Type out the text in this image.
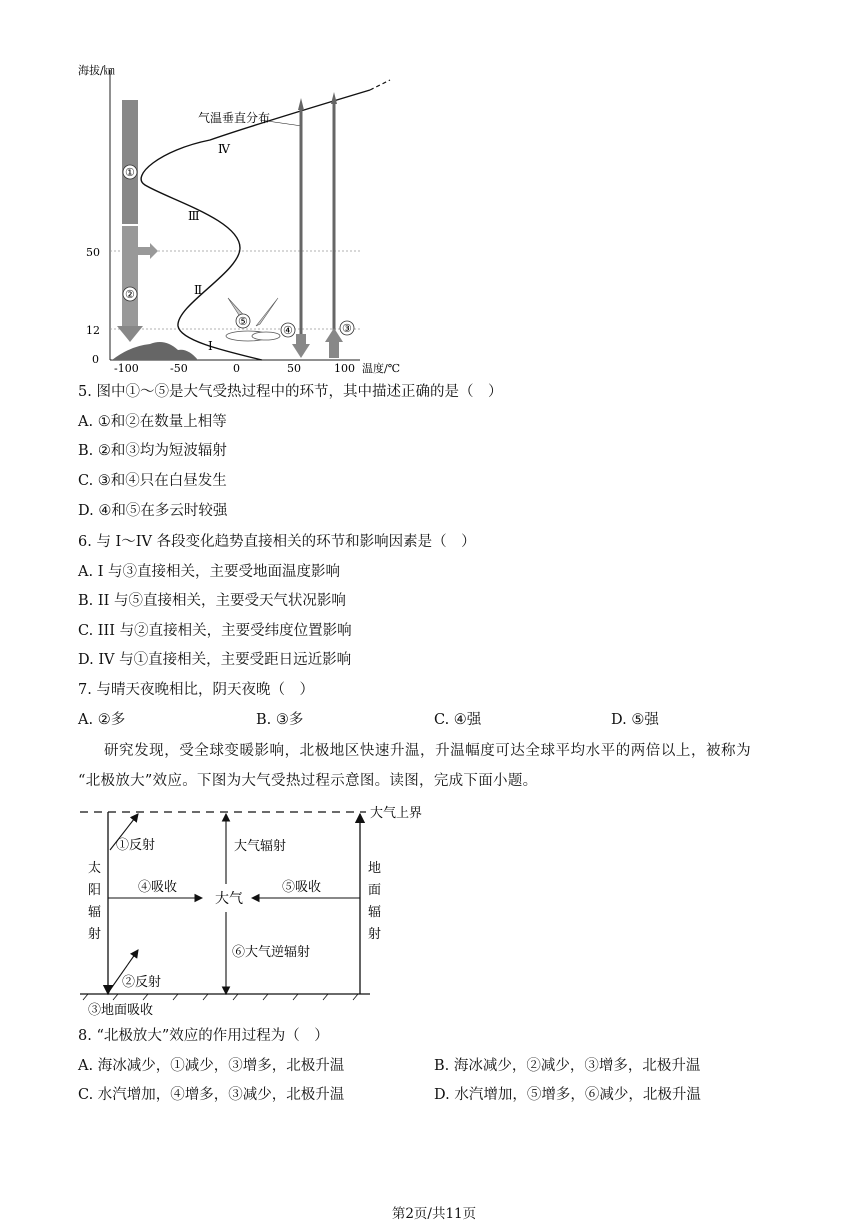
海拔/㎞
温度/℃
50
12
0
-100	-50	0	50	100
①
②
气温垂直分布
Ⅳ
Ⅲ
Ⅱ
Ⅰ
⑤
④	③
5. 图中①～⑤是大气受热过程中的环节，其中描述正确的是（　）
A. ①和②在数量上相等
B. ②和③均为短波辐射
C. ③和④只在白昼发生
D. ④和⑤在多云时较强
6. 与 I～IV 各段变化趋势直接相关的环节和影响因素是（　）
A. I 与③直接相关，主要受地面温度影响
B. II 与⑤直接相关，主要受天气状况影响
C. III 与②直接相关，主要受纬度位置影响
D. IV 与①直接相关，主要受距日远近影响
7. 与晴天夜晚相比，阴天夜晚（　）
A. ②多	B. ③多	C. ④强	D. ⑤强
研究发现，受全球变暖影响，北极地区快速升温，升温幅度可达全球平均水平的两倍以上，被称为
“北极放大”效应。下图为大气受热过程示意图。读图，完成下面小题。
大气上界
太
阳
辐
射
①反射
②反射
④吸收
大气
⑤吸收
地
面
辐
射
大气辐射
⑥大气逆辐射
③地面吸收
8. “北极放大”效应的作用过程为（　）
A. 海冰减少，①减少，③增多，北极升温	B. 海冰减少，②减少，③增多，北极升温
C. 水汽增加，④增多，③减少，北极升温	D. 水汽增加，⑤增多，⑥减少，北极升温
第2页/共11页
